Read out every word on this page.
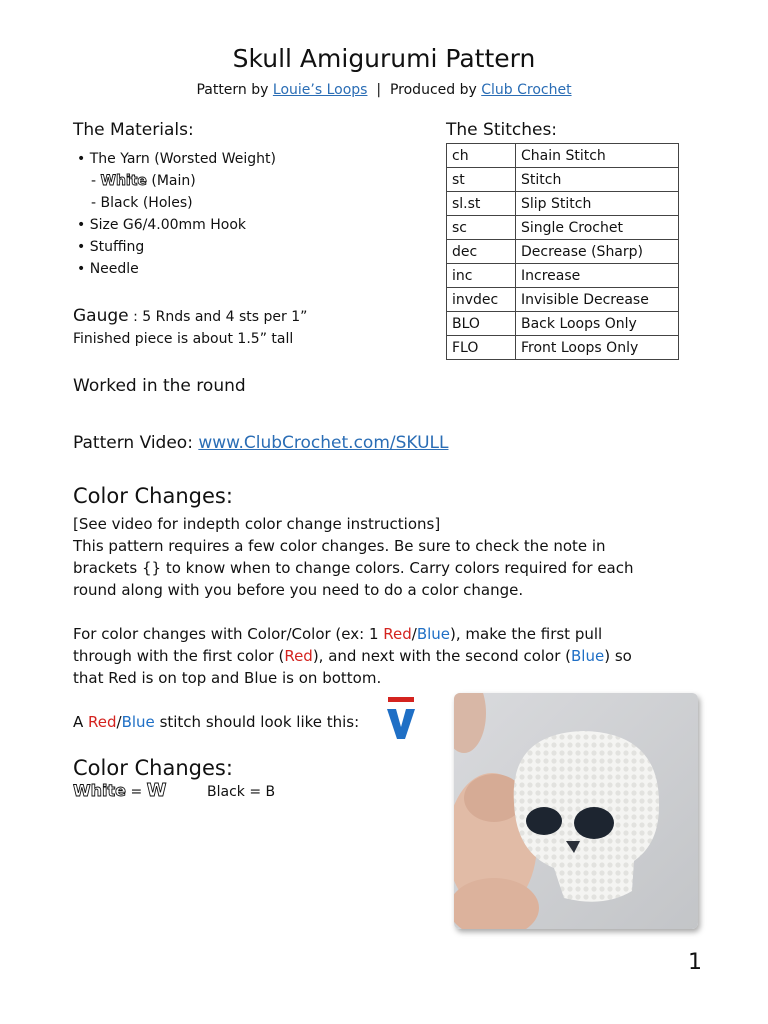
Skull Amigurumi Pattern
Pattern by Louie’s Loops  |  Produced by Club Crochet
The Materials:
• The Yarn (Worsted Weight)
- White (Main)
- Black (Holes)
• Size G6/4.00mm Hook
• Stuffing
• Needle
The Stitches:
ch	Chain Stitch
st	Stitch
sl.st	Slip Stitch
sc	Single Crochet
dec	Decrease (Sharp)
inc	Increase
invdec	Invisible Decrease
BLO	Back Loops Only
FLO	Front Loops Only
Gauge : 5 Rnds and 4 sts per 1”
Finished piece is about 1.5” tall
Worked in the round
Pattern Video: www.ClubCrochet.com/SKULL
Color Changes:
[See video for indepth color change instructions]
This pattern requires a few color changes. Be sure to check the note in
brackets {} to know when to change colors. Carry colors required for each
round along with you before you need to do a color change.
For color changes with Color/Color (ex: 1 Red/Blue), make the first pull
through with the first color (Red), and next with the second color (Blue) so
that Red is on top and Blue is on bottom.
A Red/Blue stitch should look like this:
Color Changes:
White = W	Black = B
1
